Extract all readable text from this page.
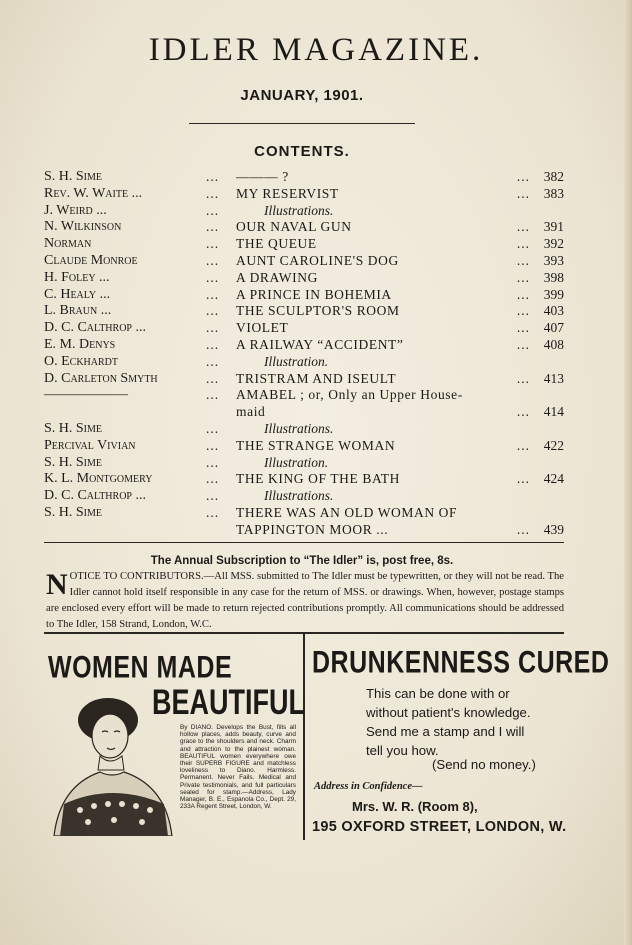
IDLER MAGAZINE.
JANUARY, 1901.
CONTENTS.
S. H. Sime	... ——— ?	... 382
Rev. W. Waite ...	... MY RESERVIST	... 383
J. Weird ...	...	Illustrations.
N. Wilkinson	... OUR NAVAL GUN	... 391
Norman	... THE QUEUE	... 392
Claude Monroe	... AUNT CAROLINE'S DOG	... 393
H. Foley ...	... A DRAWING	... 398
C. Healy ...	... A PRINCE IN BOHEMIA	... 399
L. Braun ...	... THE SCULPTOR'S ROOM	... 403
D. C. Calthrop ...	... VIOLET	... 407
E. M. Denys	... A RAILWAY “ACCIDENT”	... 408
O. Eckhardt	...	Illustration.
D. Carleton Smyth	... TRISTRAM AND ISEULT	... 413
——————	... AMABEL ; or, Only an Upper House-
maid	... 414
S. H. Sime	...	Illustrations.
Percival Vivian	... THE STRANGE WOMAN	... 422
S. H. Sime	...	Illustration.
K. L. Montgomery	... THE KING OF THE BATH	... 424
D. C. Calthrop ...	...	Illustrations.
S. H. Sime	... THERE WAS AN OLD WOMAN OF
TAPPINGTON MOOR ...	... 439
The Annual Subscription to “The Idler” is, post free, 8s.
NOTICE TO CONTRIBUTORS.—All MSS. submitted to The Idler must be typewritten, or they will not be read. The Idler cannot hold itself responsible in any case for the return of MSS. or drawings. When, however, postage stamps are enclosed every effort will be made to return rejected contributions promptly. All communications should be addressed to The Idler, 158 Strand, London, W.C.
WOMEN MADE
BEAUTIFUL
By DIANO. Develops the Bust, fills all hollow places, adds beauty, curve and grace to the shoulders and neck. Charm and attraction to the plainest woman. BEAUTIFUL women everywhere owe their SUPERB FIGURE and matchless loveliness to Diano. Harmless. Permanent. Never Fails. Medical and Private testimonials, and full particulars sealed for stamp.—Address, Lady Manager, B. E., Espanola Co., Dept. 29, 233A Regent Street, London, W.
DRUNKENNESS CURED
This can be done with or
without patient's knowledge.
Send me a stamp and I will
tell you how.
(Send no money.)
Address in Confidence—
Mrs. W. R. (Room 8),
195 OXFORD STREET, LONDON, W.
